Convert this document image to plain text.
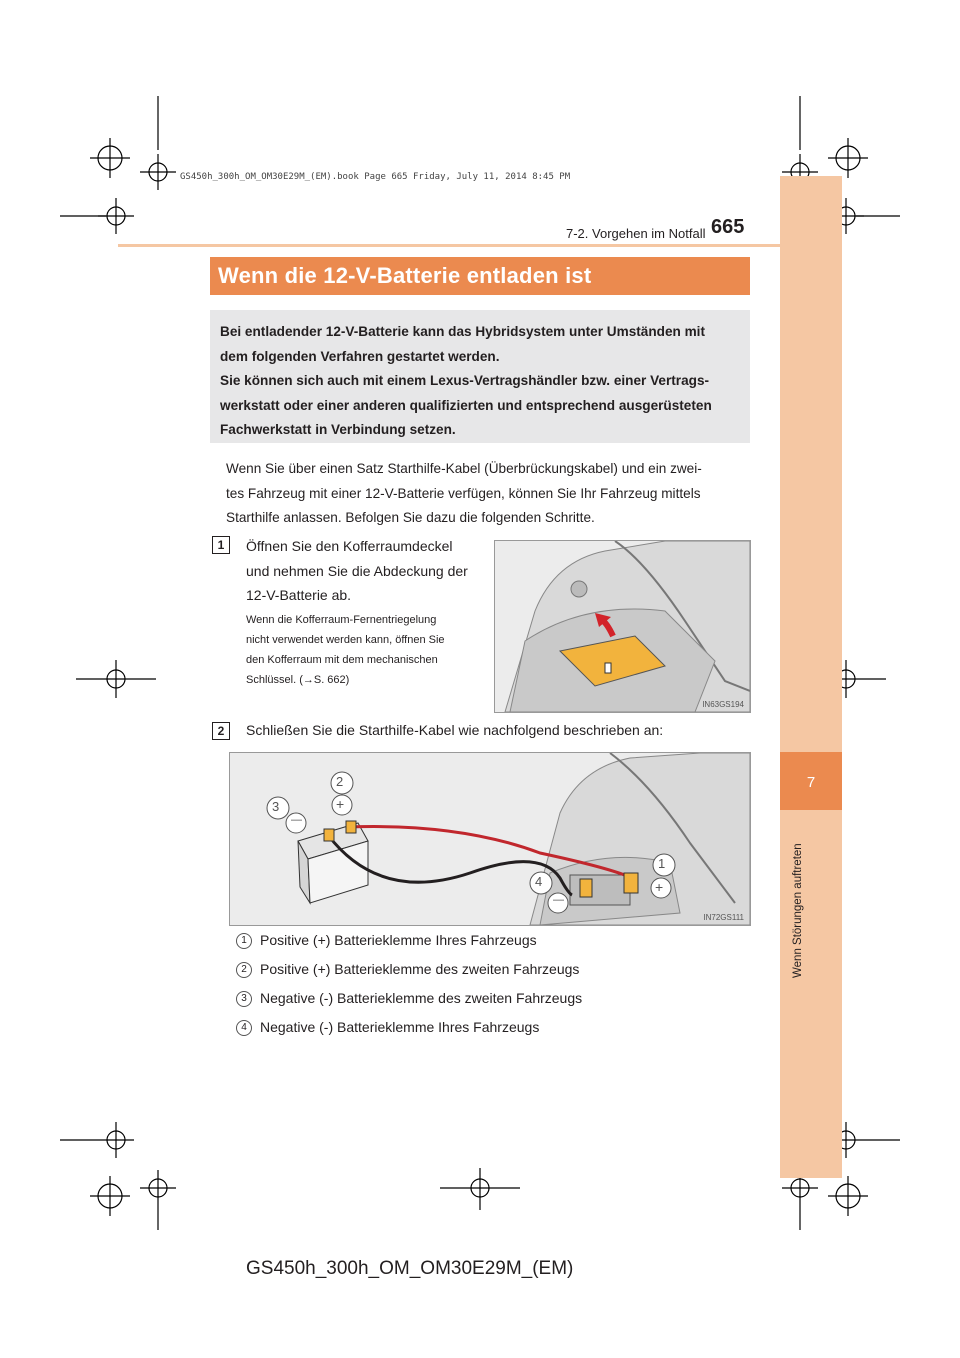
GS450h_300h_OM_OM30E29M_(EM).book Page 665 Friday, July 11, 2014 8:45 PM
7
Wenn Störungen auftreten
7-2. Vorgehen im Notfall 665
Wenn die 12-V-Batterie entladen ist

Bei entladender 12-V-Batterie kann das Hybridsystem unter Umständen mit

dem folgenden Verfahren gestartet werden.

Sie können sich auch mit einem Lexus-Vertragshändler bzw. einer Vertrags-

werkstatt oder einer anderen qualifizierten und entsprechend ausgerüsteten

Fachwerkstatt in Verbindung setzen.

Wenn Sie über einen Satz Starthilfe-Kabel (Überbrückungskabel) und ein zwei-

tes Fahrzeug mit einer 12-V-Batterie verfügen, können Sie Ihr Fahrzeug mittels

Starthilfe anlassen. Befolgen Sie dazu die folgenden Schritte.

1	Öffnen Sie den Kofferraumdeckel

und nehmen Sie die Abdeckung der

12-V-Batterie ab.

Wenn die Kofferraum-Fernentriegelung
nicht verwendet werden kann, öffnen Sie
den Kofferraum mit dem mechanischen
Schlüssel. (→S. 662)
IN63GS194
2	Schließen Sie die Starthilfe-Kabel wie nachfolgend beschrieben an:
2
3
1
4
+
—
+
—
IN72GS111
1 Positive (+) Batterieklemme Ihres Fahrzeugs
2 Positive (+) Batterieklemme des zweiten Fahrzeugs
3 Negative (-) Batterieklemme des zweiten Fahrzeugs
4 Negative (-) Batterieklemme Ihres Fahrzeugs
GS450h_300h_OM_OM30E29M_(EM)
